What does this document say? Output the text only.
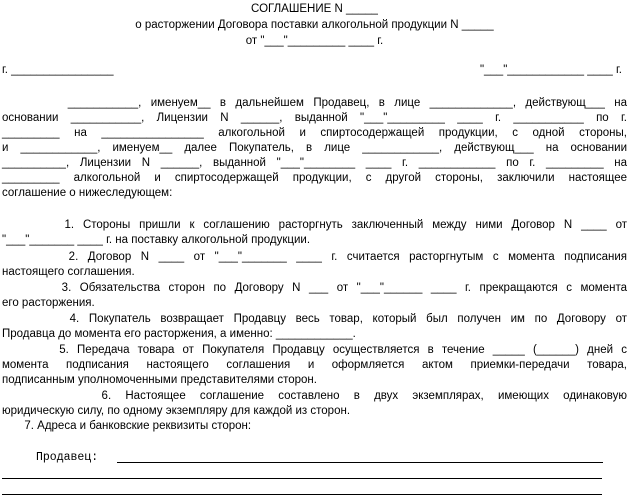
СОГЛАШЕНИЕ N _____
о расторжении Договора поставки алкогольной продукции N _____
от "___"_________ ____ г.
г. ________________	"___"____________ ____ г.
___________, именуем__ в дальнейшем Продавец, в лице _____________, действующ___ на
основании ___________, Лицензии N ______, выданной "___"_________ ____ г. ___________ по г.
_________ на ________________ алкогольной и спиртосодержащей продукции, с одной стороны,
и ____________, именуем__ далее Покупатель, в лице ____________, действующ___ на основании
__________, Лицензии N ______, выданной "___"________ ____ г. ____________ по г. _________ на
_________ алкогольной и спиртосодержащей продукции, с другой стороны, заключили настоящее
соглашение о нижеследующем:
1. Стороны пришли к соглашению расторгнуть заключенный между ними Договор N ____ от
"___"_______ ____ г. на поставку алкогольной продукции.
2. Договор N ____ от "___"_______ ____ г. считается расторгнутым с момента подписания
настоящего соглашения.
3. Обязательства сторон по Договору N ___ от "___"______ ____ г. прекращаются с момента
его расторжения.
4. Покупатель возвращает Продавцу весь товар, который был получен им по Договору от
Продавца до момента его расторжения, а именно: ____________.
5. Передача товара от Покупателя Продавцу осуществляется в течение _____ (______) дней с
момента подписания настоящего соглашения и оформляется актом приемки-передачи товара,
подписанным уполномоченными представителями сторон.
6. Настоящее соглашение составлено в двух экземплярах, имеющих одинаковую
юридическую силу, по одному экземпляру для каждой из сторон.
7. Адреса и банковские реквизиты сторон:
Продавец:
